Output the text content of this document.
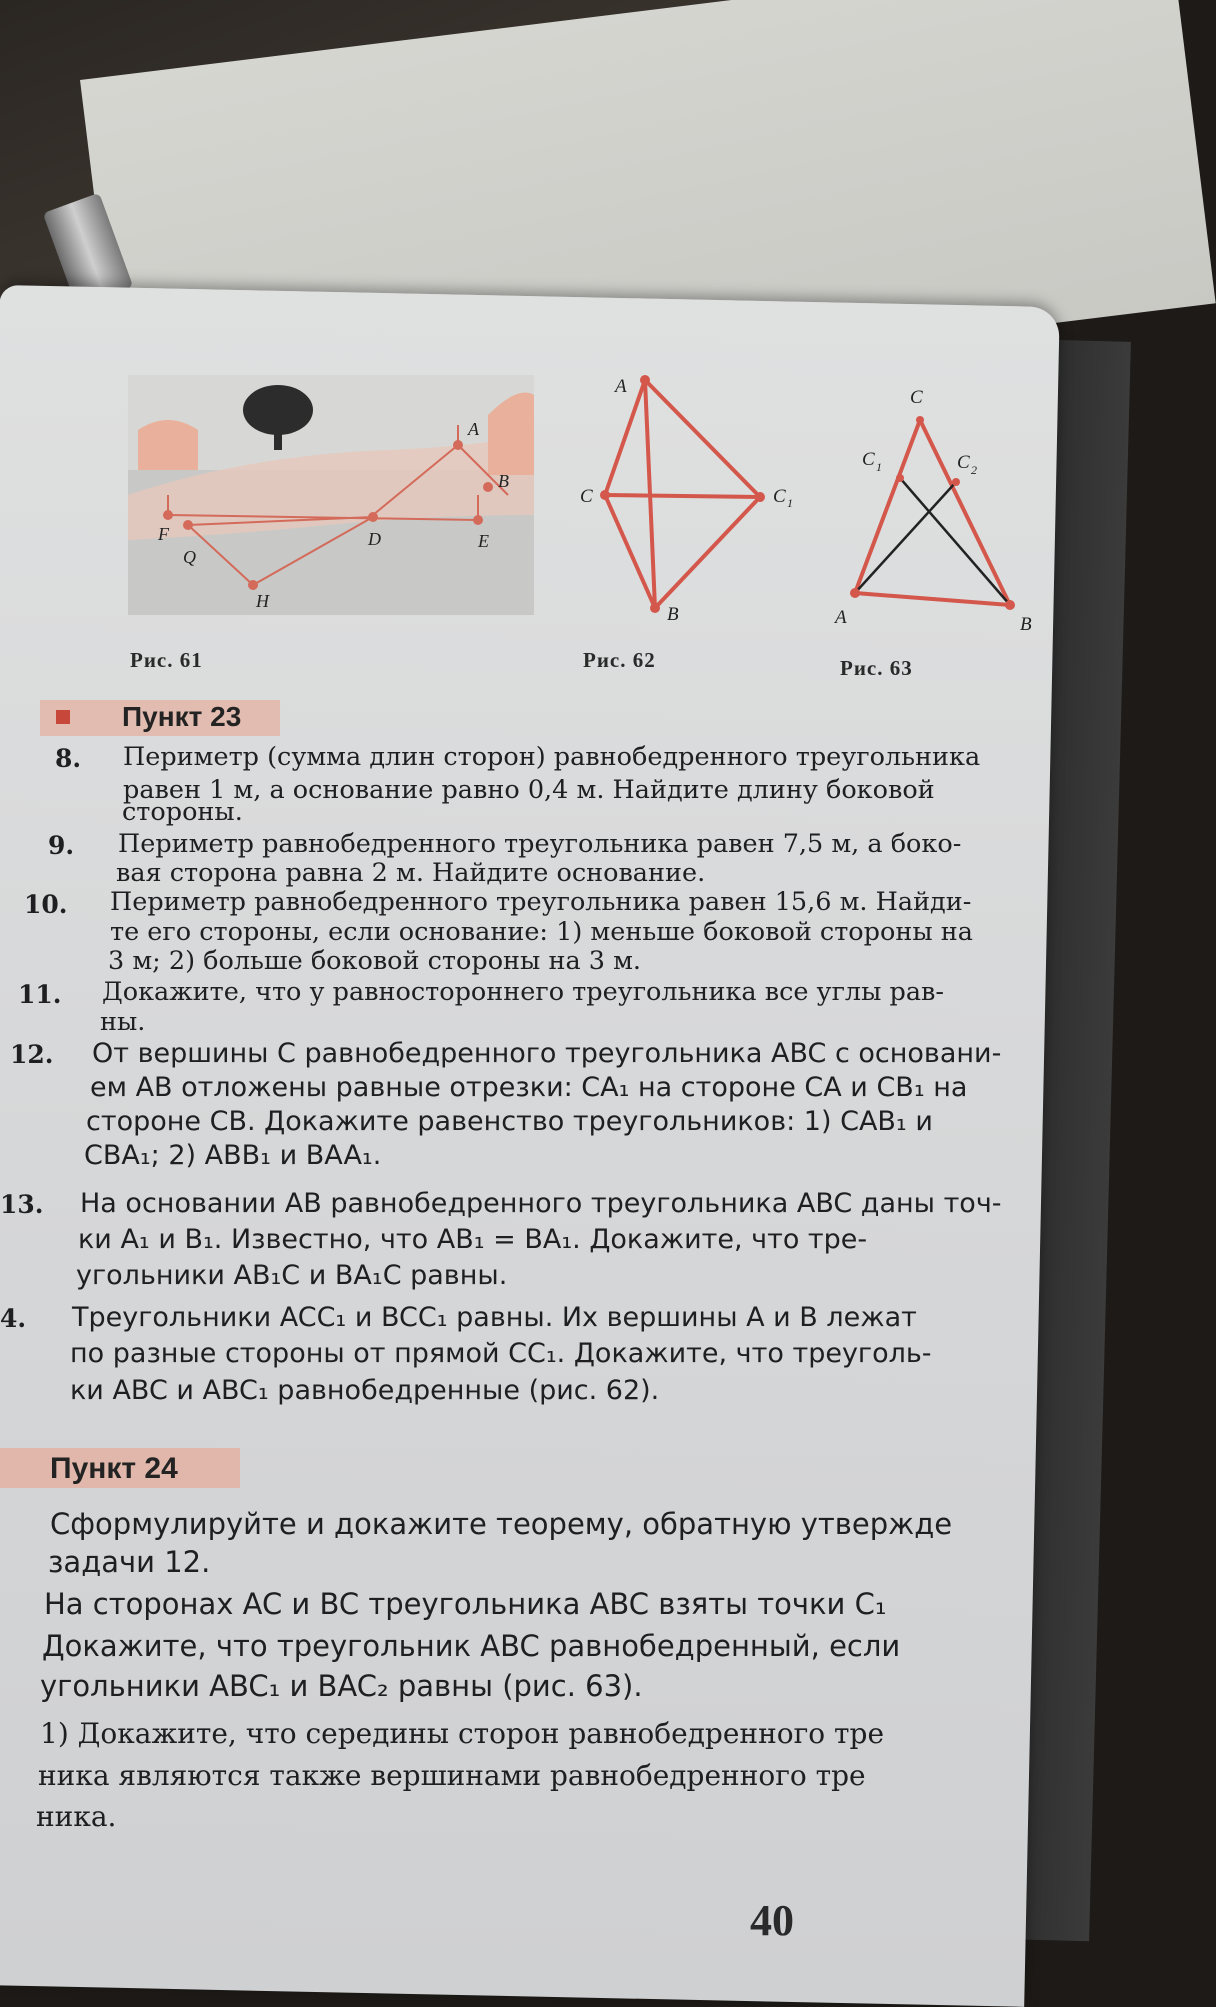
A
B
D	E
F
Q
H
Рис. 61
A
C	C 1
B
Рис. 62
C
C 1	C 2
A	B
Рис. 63
Пункт 23
8. Периметр (сумма длин сторон) равнобедренного треугольника
равен 1 м, а основание равно 0,4 м. Найдите длину боковой
стороны.
9. Периметр равнобедренного треугольника равен 7,5 м, а боко-
вая сторона равна 2 м. Найдите основание.
10. Периметр равнобедренного треугольника равен 15,6 м. Найди-
те его стороны, если основание: 1) меньше боковой стороны на
3 м; 2) больше боковой стороны на 3 м.
11. Докажите, что у равностороннего треугольника все углы рав-
ны.
12. От вершины C равнобедренного треугольника ABC с основани-
ем AB отложены равные отрезки: CA₁ на стороне CA и CB₁ на
стороне CB. Докажите равенство треугольников: 1) CAB₁ и
CBA₁; 2) ABB₁ и BAA₁.
13. На основании AB равнобедренного треугольника ABC даны точ-
ки A₁ и B₁. Известно, что AB₁ = BA₁. Докажите, что тре-
угольники AB₁C и BA₁C равны.
4. Треугольники ACC₁ и BCC₁ равны. Их вершины A и B лежат
по разные стороны от прямой CC₁. Докажите, что треуголь-
ки ABC и ABC₁ равнобедренные (рис. 62).
Пункт 24
Сформулируйте и докажите теорему, обратную утвержде
задачи 12.
На сторонах AC и BC треугольника ABC взяты точки C₁
Докажите, что треугольник ABC равнобедренный, если
угольники ABC₁ и BAC₂ равны (рис. 63).
1) Докажите, что середины сторон равнобедренного тре
ника являются также вершинами равнобедренного тре
ника.
40
